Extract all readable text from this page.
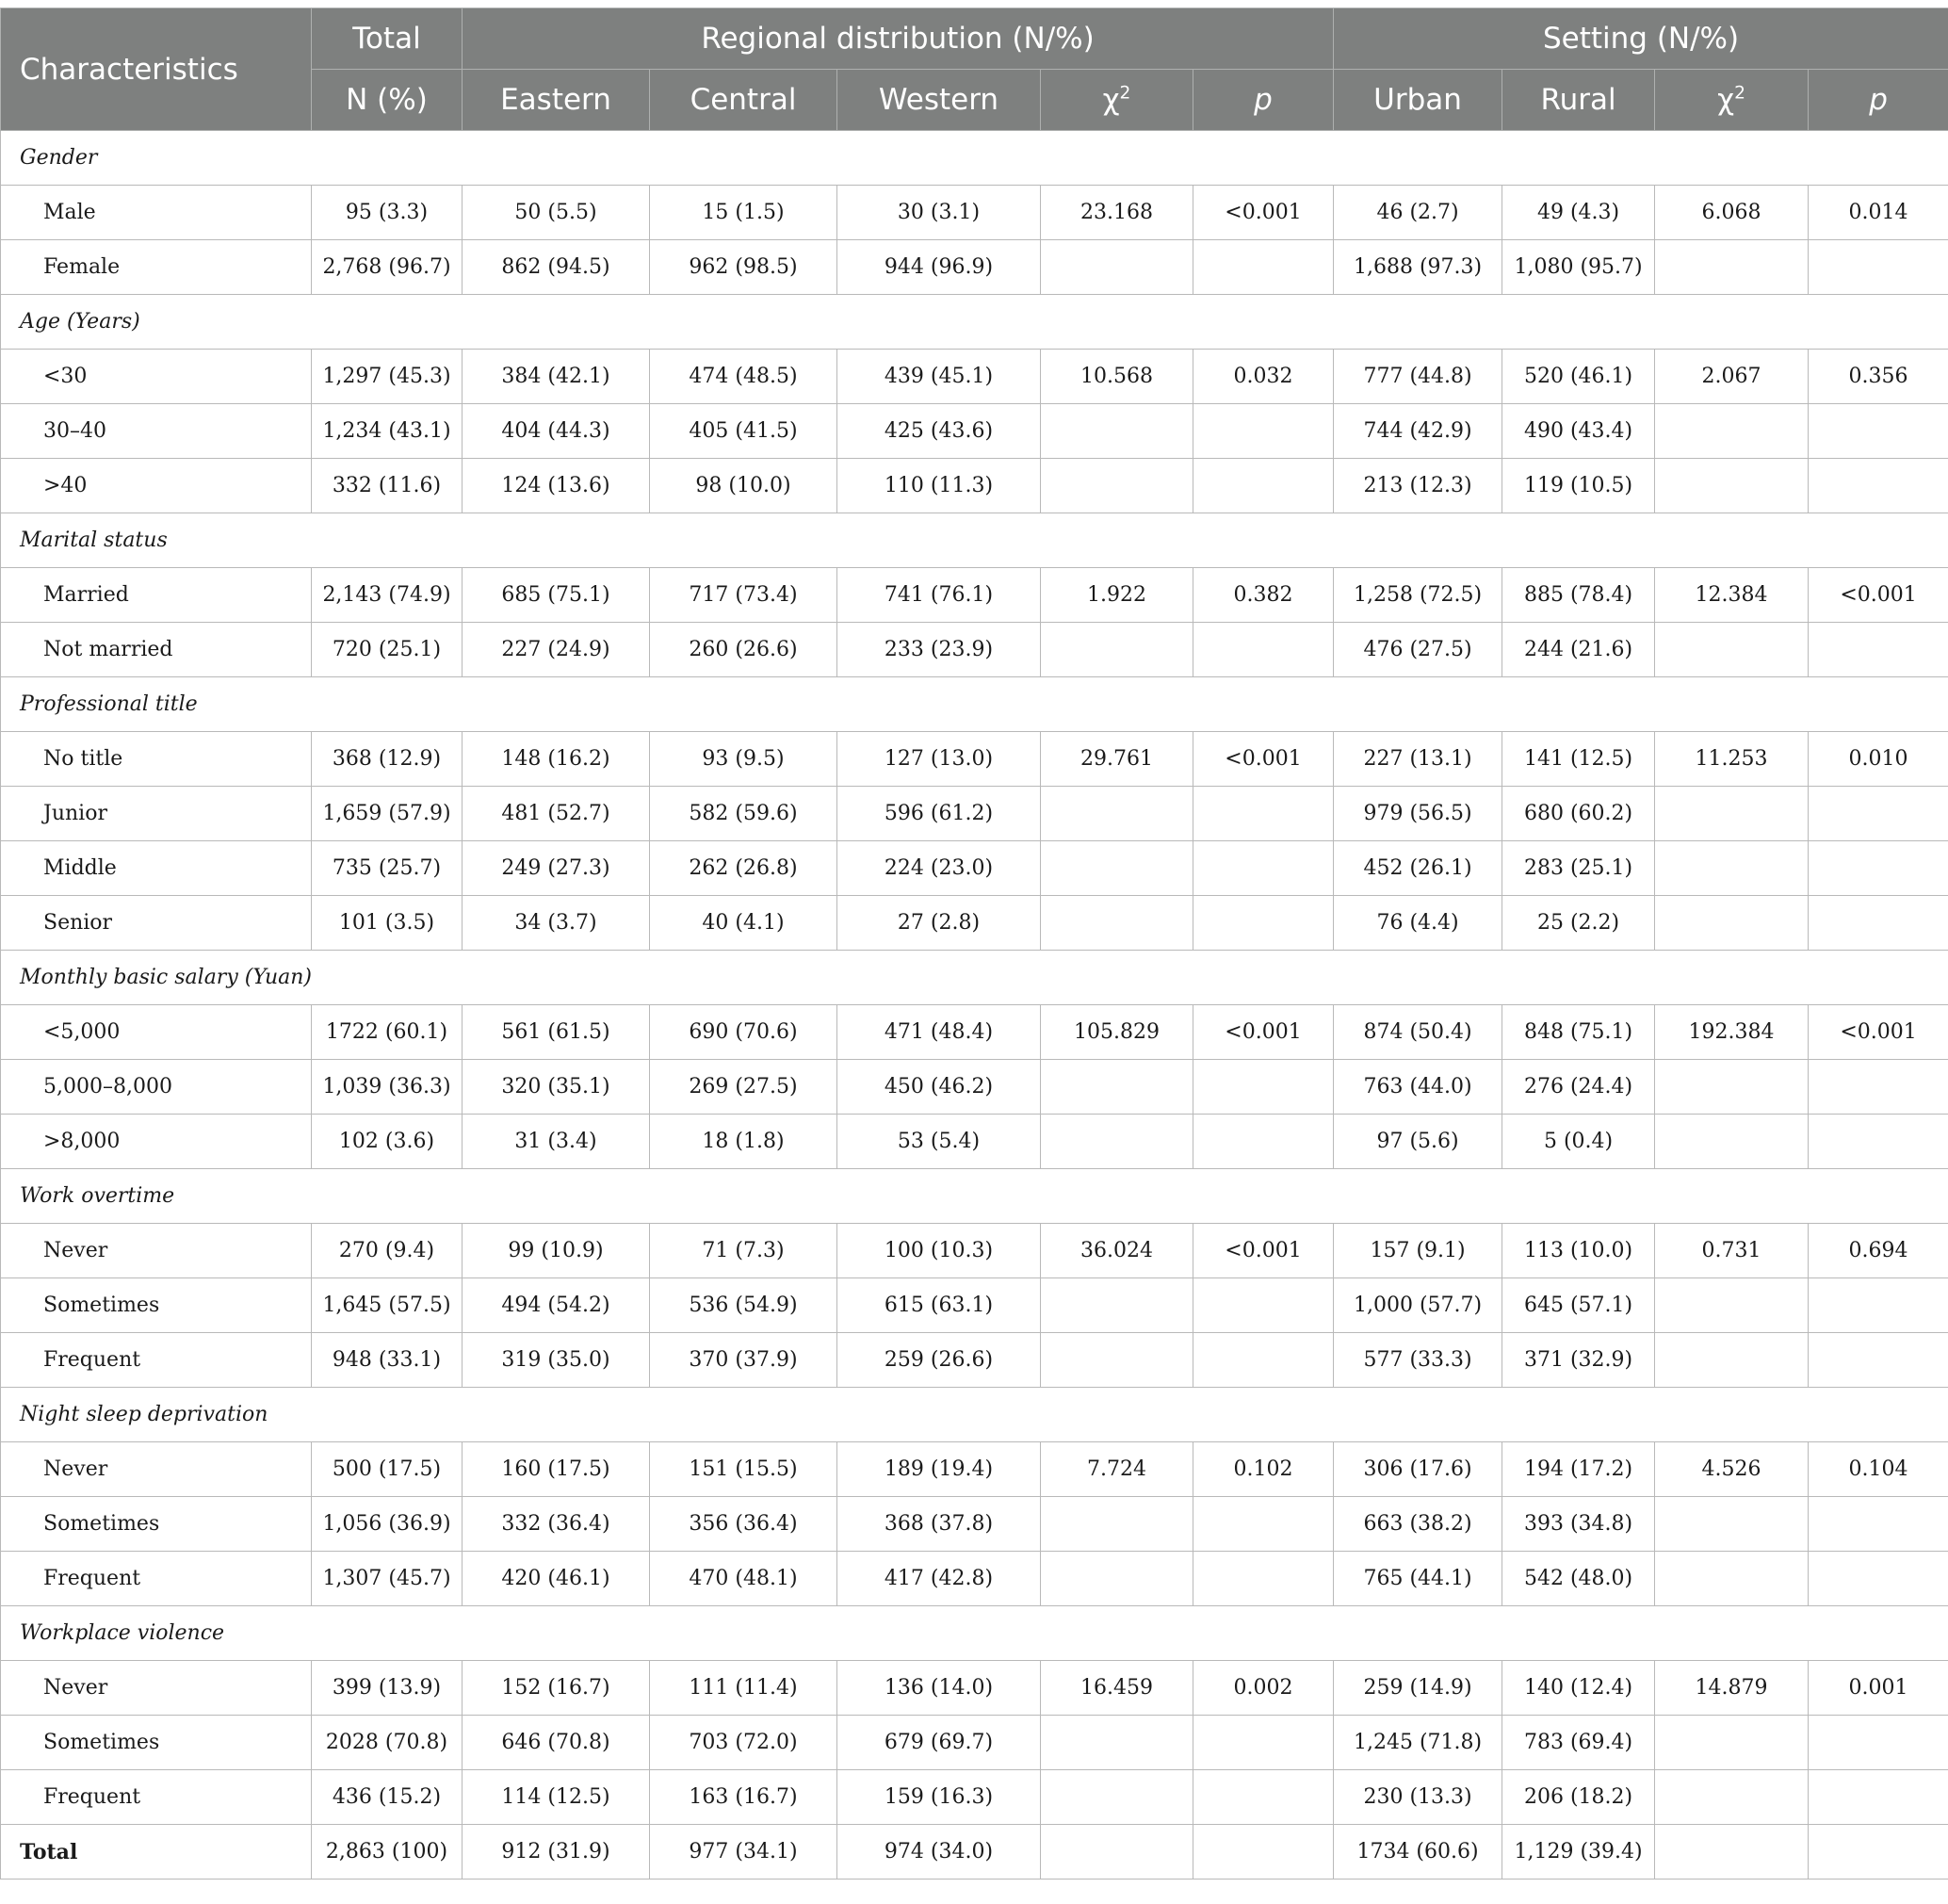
Characteristics	Total	Regional distribution (N/%)					Setting (N/%)			
	N (%)	Eastern	Central	Western	$\chi^2$	p	Urban	Rural	$\chi^2$	p
Gender										
Male	95 (3.3)	50 (5.5)	15 (1.5)	30 (3.1)	23.168	<0.001	46 (2.7)	49 (4.3)	6.068	0.014
Female	2,768 (96.7)	862 (94.5)	962 (98.5)	944 (96.9)			1,688 (97.3)	1,080 (95.7)		
Age (Years)										
<30	1,297 (45.3)	384 (42.1)	474 (48.5)	439 (45.1)	10.568	0.032	777 (44.8)	520 (46.1)	2.067	0.356
30–40	1,234 (43.1)	404 (44.3)	405 (41.5)	425 (43.6)			744 (42.9)	490 (43.4)		
>40	332 (11.6)	124 (13.6)	98 (10.0)	110 (11.3)			213 (12.3)	119 (10.5)		
Marital status										
Married	2,143 (74.9)	685 (75.1)	717 (73.4)	741 (76.1)	1.922	0.382	1,258 (72.5)	885 (78.4)	12.384	<0.001
Not married	720 (25.1)	227 (24.9)	260 (26.6)	233 (23.9)			476 (27.5)	244 (21.6)		
Professional title										
No title	368 (12.9)	148 (16.2)	93 (9.5)	127 (13.0)	29.761	<0.001	227 (13.1)	141 (12.5)	11.253	0.010
Junior	1,659 (57.9)	481 (52.7)	582 (59.6)	596 (61.2)			979 (56.5)	680 (60.2)		
Middle	735 (25.7)	249 (27.3)	262 (26.8)	224 (23.0)			452 (26.1)	283 (25.1)		
Senior	101 (3.5)	34 (3.7)	40 (4.1)	27 (2.8)			76 (4.4)	25 (2.2)		
Monthly basic salary (Yuan)										
<5,000	1722 (60.1)	561 (61.5)	690 (70.6)	471 (48.4)	105.829	<0.001	874 (50.4)	848 (75.1)	192.384	<0.001
5,000–8,000	1,039 (36.3)	320 (35.1)	269 (27.5)	450 (46.2)			763 (44.0)	276 (24.4)		
>8,000	102 (3.6)	31 (3.4)	18 (1.8)	53 (5.4)			97 (5.6)	5 (0.4)		
Work overtime										
Never	270 (9.4)	99 (10.9)	71 (7.3)	100 (10.3)	36.024	<0.001	157 (9.1)	113 (10.0)	0.731	0.694
Sometimes	1,645 (57.5)	494 (54.2)	536 (54.9)	615 (63.1)			1,000 (57.7)	645 (57.1)		
Frequent	948 (33.1)	319 (35.0)	370 (37.9)	259 (26.6)			577 (33.3)	371 (32.9)		
Night sleep deprivation										
Never	500 (17.5)	160 (17.5)	151 (15.5)	189 (19.4)	7.724	0.102	306 (17.6)	194 (17.2)	4.526	0.104
Sometimes	1,056 (36.9)	332 (36.4)	356 (36.4)	368 (37.8)			663 (38.2)	393 (34.8)		
Frequent	1,307 (45.7)	420 (46.1)	470 (48.1)	417 (42.8)			765 (44.1)	542 (48.0)		
Workplace violence										
Never	399 (13.9)	152 (16.7)	111 (11.4)	136 (14.0)	16.459	0.002	259 (14.9)	140 (12.4)	14.879	0.001
Sometimes	2028 (70.8)	646 (70.8)	703 (72.0)	679 (69.7)			1,245 (71.8)	783 (69.4)		
Frequent	436 (15.2)	114 (12.5)	163 (16.7)	159 (16.3)			230 (13.3)	206 (18.2)		
Total	2,863 (100)	912 (31.9)	977 (34.1)	974 (34.0)			1734 (60.6)	1,129 (39.4)		
